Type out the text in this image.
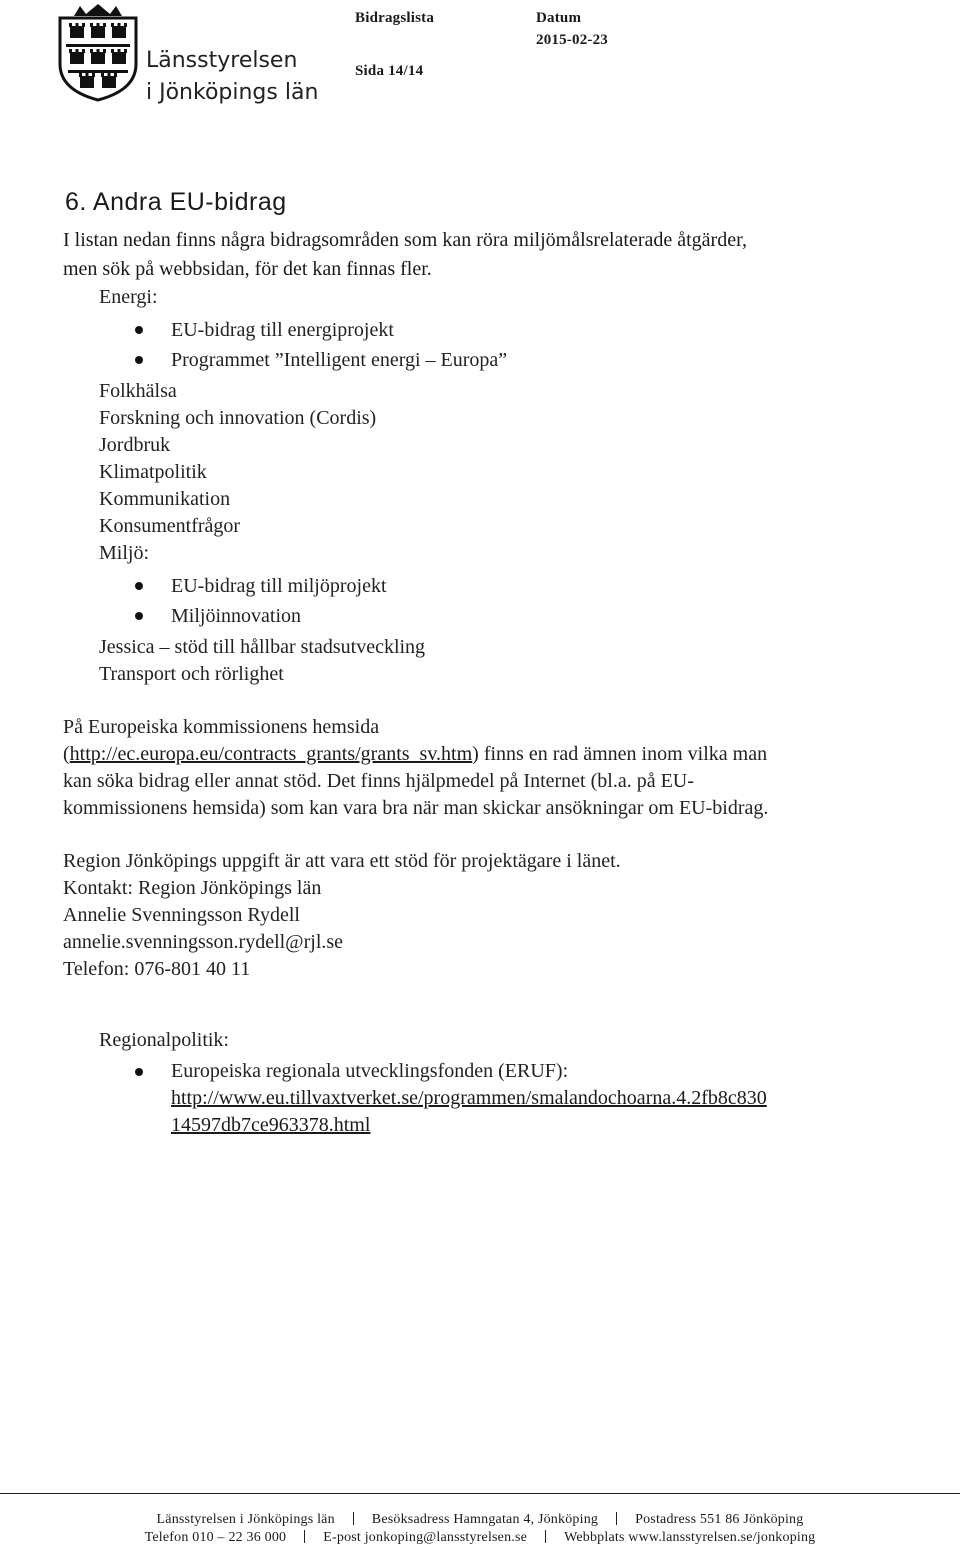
Länsstyrelsen
i Jönköpings län
Bidragslista	Datum
2015-02-23
Sida 14/14
6. Andra EU-bidrag

I listan nedan finns några bidragsområden som kan röra miljömålsrelaterade åtgärder, men sök på webbsidan, för det kan finnas fler.

Energi:
EU-bidrag till energiprojekt
Programmet ”Intelligent energi – Europa”
Folkhälsa
Forskning och innovation (Cordis)
Jordbruk
Klimatpolitik
Kommunikation
Konsumentfrågor
Miljö:
EU-bidrag till miljöprojekt
Miljöinnovation
Jessica – stöd till hållbar stadsutveckling
Transport och rörlighet

På Europeiska kommissionens hemsida
(http://ec.europa.eu/contracts_grants/grants_sv.htm) finns en rad ämnen inom vilka man kan söka bidrag eller annat stöd. Det finns hjälpmedel på Internet (bl.a. på EU-kommissionens hemsida) som kan vara bra när man skickar ansökningar om EU-bidrag.

Region Jönköpings uppgift är att vara ett stöd för projektägare i länet.
Kontakt: Region Jönköpings län
Annelie Svenningsson Rydell
annelie.svenningsson.rydell@rjl.se
Telefon: 076-801 40 11
Regionalpolitik:
Europeiska regionala utvecklingsfonden (ERUF):
http://www.eu.tillvaxtverket.se/programmen/smalandochoarna.4.2fb8c83014597db7ce963378.html
Länsstyrelsen i Jönköpings län	Besöksadress Hamngatan 4, Jönköping	Postadress 551 86 Jönköping
Telefon 010 – 22 36 000	E-post jonkoping@lansstyrelsen.se	Webbplats www.lansstyrelsen.se/jonkoping
